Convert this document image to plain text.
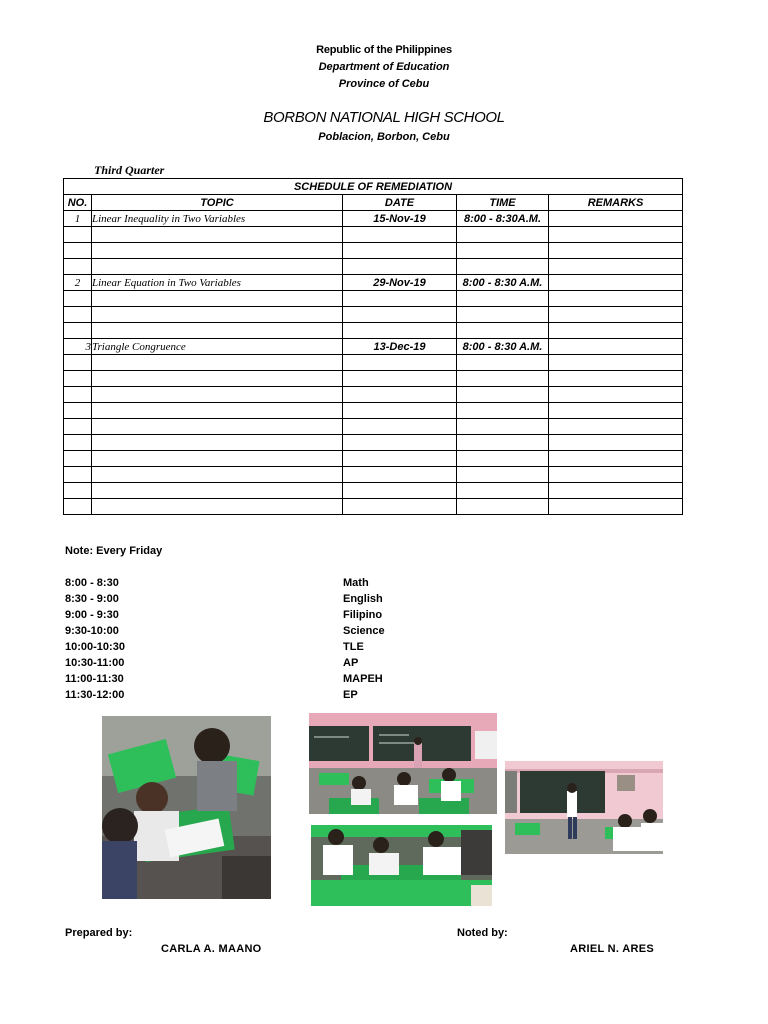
Republic of the Philippines
Department of Education
Province of Cebu
BORBON NATIONAL HIGH SCHOOL
Poblacion, Borbon, Cebu
Third Quarter
SCHEDULE OF REMEDIATION				
NO.	TOPIC	DATE	TIME	REMARKS
1	Linear Inequality in Two Variables	15-Nov-19	8:00 - 8:30A.M.	

2	Linear Equation in Two Variables	29-Nov-19	8:00 - 8:30 A.M.	

3	Triangle Congruence	13-Dec-19	8:00 - 8:30 A.M.	

Note: Every Friday
8:00 - 8:30	Math
8:30 - 9:00	English
9:00 - 9:30	Filipino
9:30-10:00	Science
10:00-10:30	TLE
10:30-11:00	AP
11:00-11:30	MAPEH
11:30-12:00	EP
Prepared by:
CARLA A. MAANO
Noted by:
ARIEL N. ARES
